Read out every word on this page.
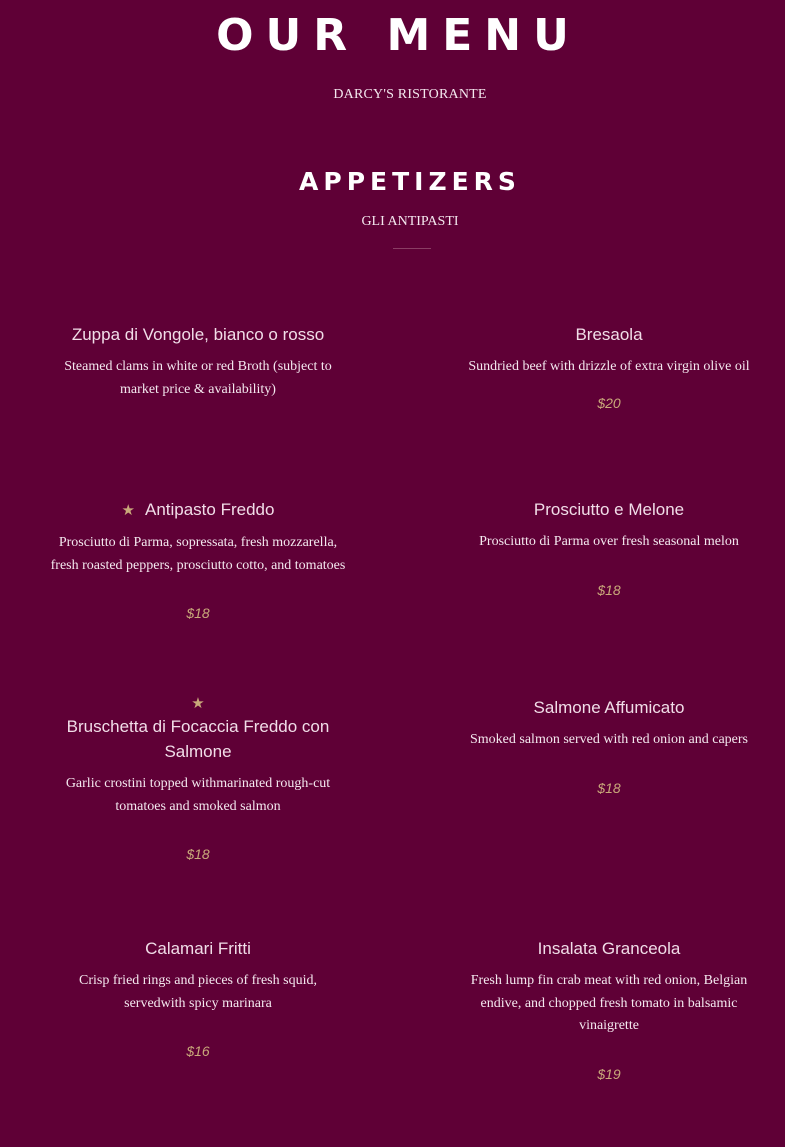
OUR MENU
DARCY'S RISTORANTE
APPETIZERS
GLI ANTIPASTI
Zuppa di Vongole, bianco o rosso
Steamed clams in white or red Broth (subject to market price & availability)
Bresaola
Sundried beef with drizzle of extra virgin olive oil
$20
★ Antipasto Freddo
Prosciutto di Parma, sopressata, fresh mozzarella, fresh roasted peppers, prosciutto cotto, and tomatoes
$18
Prosciutto e Melone
Prosciutto di Parma over fresh seasonal melon
$18
★
Bruschetta di Focaccia Freddo con Salmone
Garlic crostini topped withmarinated rough-cut tomatoes and smoked salmon
$18
Salmone Affumicato
Smoked salmon served with red onion and capers
$18
Calamari Fritti
Crisp fried rings and pieces of fresh squid, servedwith spicy marinara
$16
Insalata Granceola
Fresh lump fin crab meat with red onion, Belgian endive, and chopped fresh tomato in balsamic vinaigrette
$19
